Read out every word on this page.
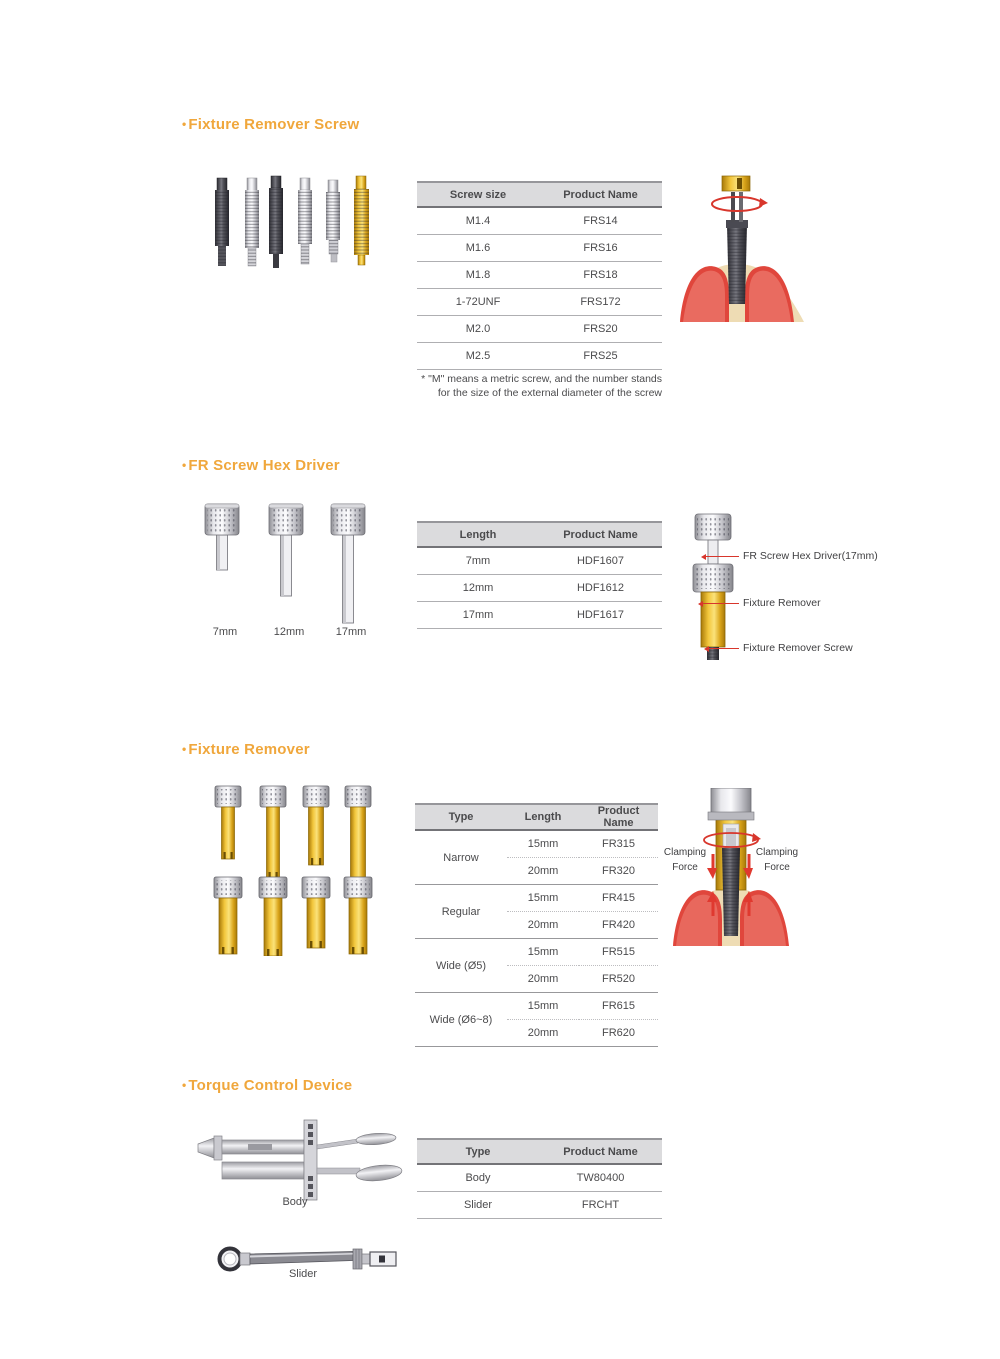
• Fixture Remover Screw
Screw size	Product Name
M1.4	FRS14
M1.6	FRS16
M1.8	FRS18
1-72UNF	FRS172
M2.0	FRS20
M2.5	FRS25
* "M" means a metric screw, and the number stands
for the size of the external diameter of the screw
• FR Screw Hex Driver
7mm	12mm	17mm
Length	Product Name
7mm	HDF1607
12mm	HDF1612
17mm	HDF1617
FR Screw Hex Driver(17mm)
Fixture Remover
Fixture Remover Screw
• Fixture Remover
Type	Length	Product Name
Narrow	15mm	FR315
	20mm	FR320
Regular	15mm	FR415
	20mm	FR420
Wide (Ø5)	15mm	FR515
	20mm	FR520
Wide (Ø6~8)	15mm	FR615
	20mm	FR620
Clamping Force
Clamping Force
• Torque Control Device
Body
Type	Product Name
Body	TW80400
Slider	FRCHT
Slider
